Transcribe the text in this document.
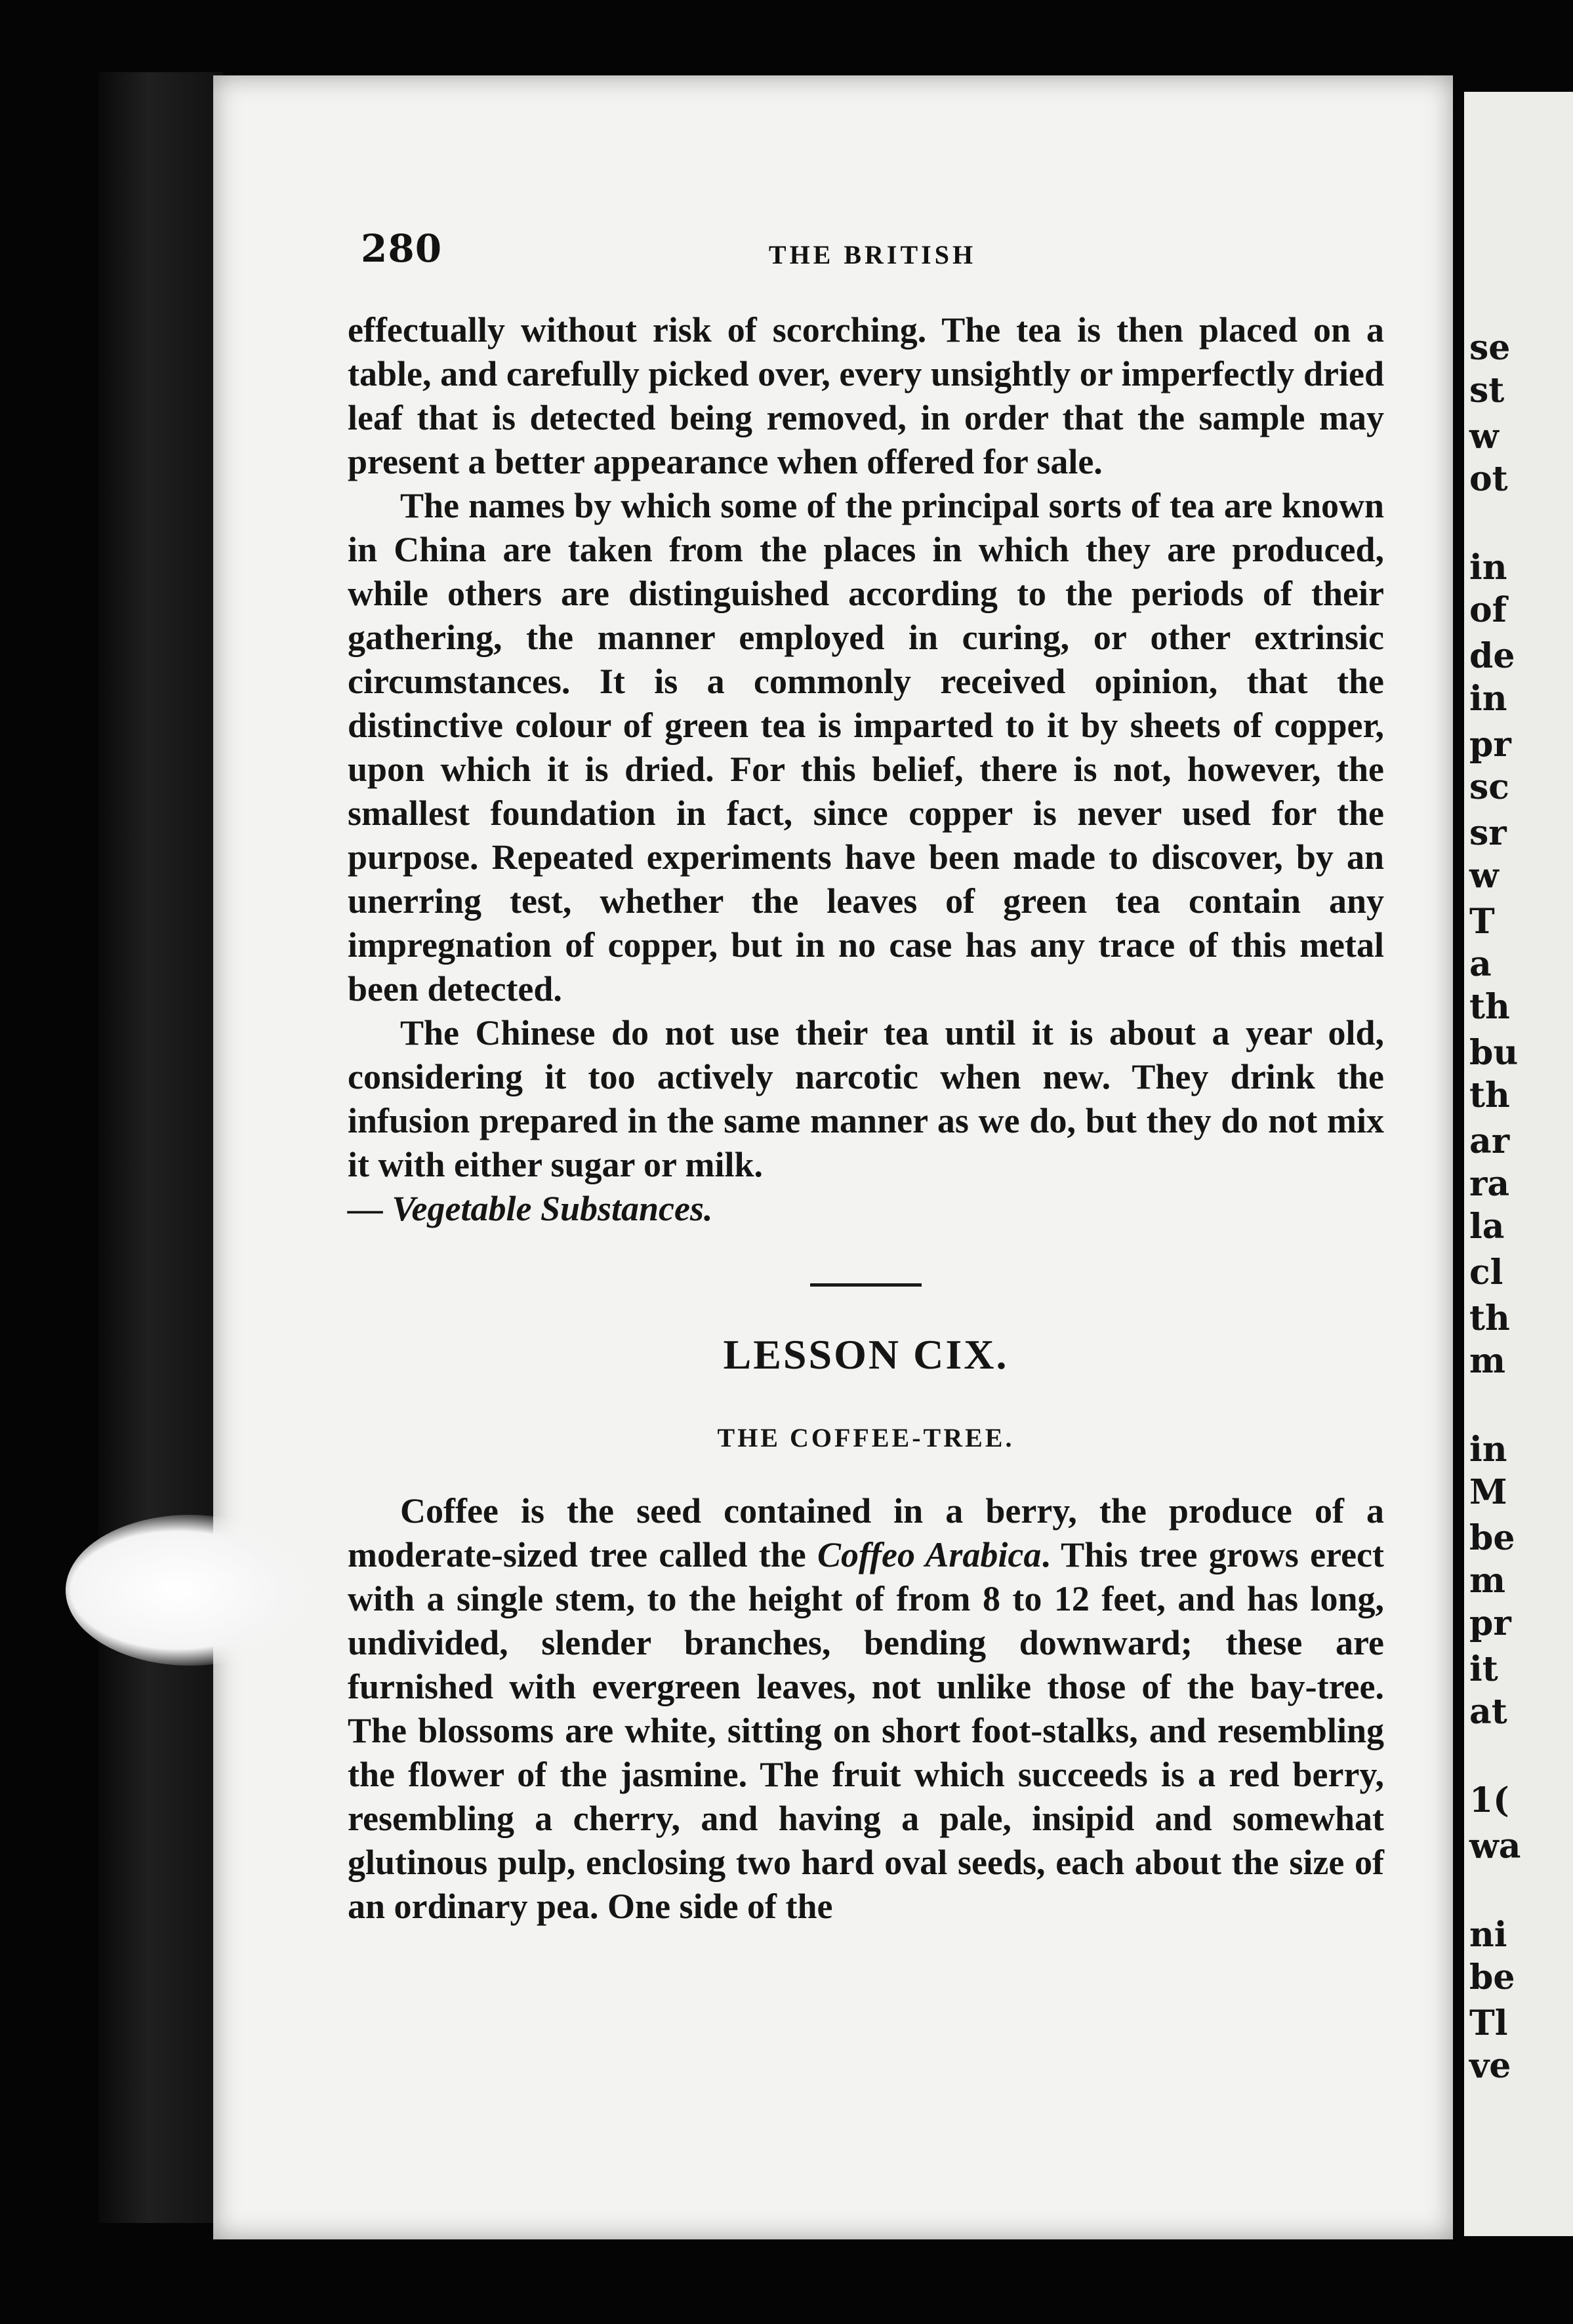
se
st
w
ot
in
of
de
in
pr
sc
sr
w
T
a
th
bu
th
ar
ra
la
cl
th
m
in
M
be
m
pr
it
at
1(
wa
ni
be
Tl
ve
280	THE BRITISH

effectually without risk of scorching. The tea is then placed on a table, and carefully picked over, every unsightly or imperfectly dried leaf that is detected being removed, in order that the sample may present a better appearance when offered for sale.

The names by which some of the principal sorts of tea are known in China are taken from the places in which they are produced, while others are distinguished according to the periods of their gathering, the manner employed in curing, or other extrinsic circumstances. It is a commonly received opinion, that the distinctive colour of green tea is imparted to it by sheets of copper, upon which it is dried. For this belief, there is not, however, the smallest foundation in fact, since copper is never used for the purpose. Repeated experiments have been made to discover, by an unerring test, whether the leaves of green tea contain any impregnation of copper, but in no case has any trace of this metal been detected.

The Chinese do not use their tea until it is about a year old, considering it too actively narcotic when new. They drink the infusion prepared in the same manner as we do, but they do not mix it with either sugar or milk.

— Vegetable Substances.

LESSON CIX.
THE COFFEE-TREE.

Coffee is the seed contained in a berry, the produce of a moderate-sized tree called the Coffeo Arabica. This tree grows erect with a single stem, to the height of from 8 to 12 feet, and has long, undivided, slender branches, bending downward; these are furnished with evergreen leaves, not unlike those of the bay-tree. The blossoms are white, sitting on short foot-stalks, and resembling the flower of the jasmine. The fruit which succeeds is a red berry, resembling a cherry, and having a pale, insipid and somewhat glutinous pulp, enclosing two hard oval seeds, each about the size of an ordinary pea. One side of the
